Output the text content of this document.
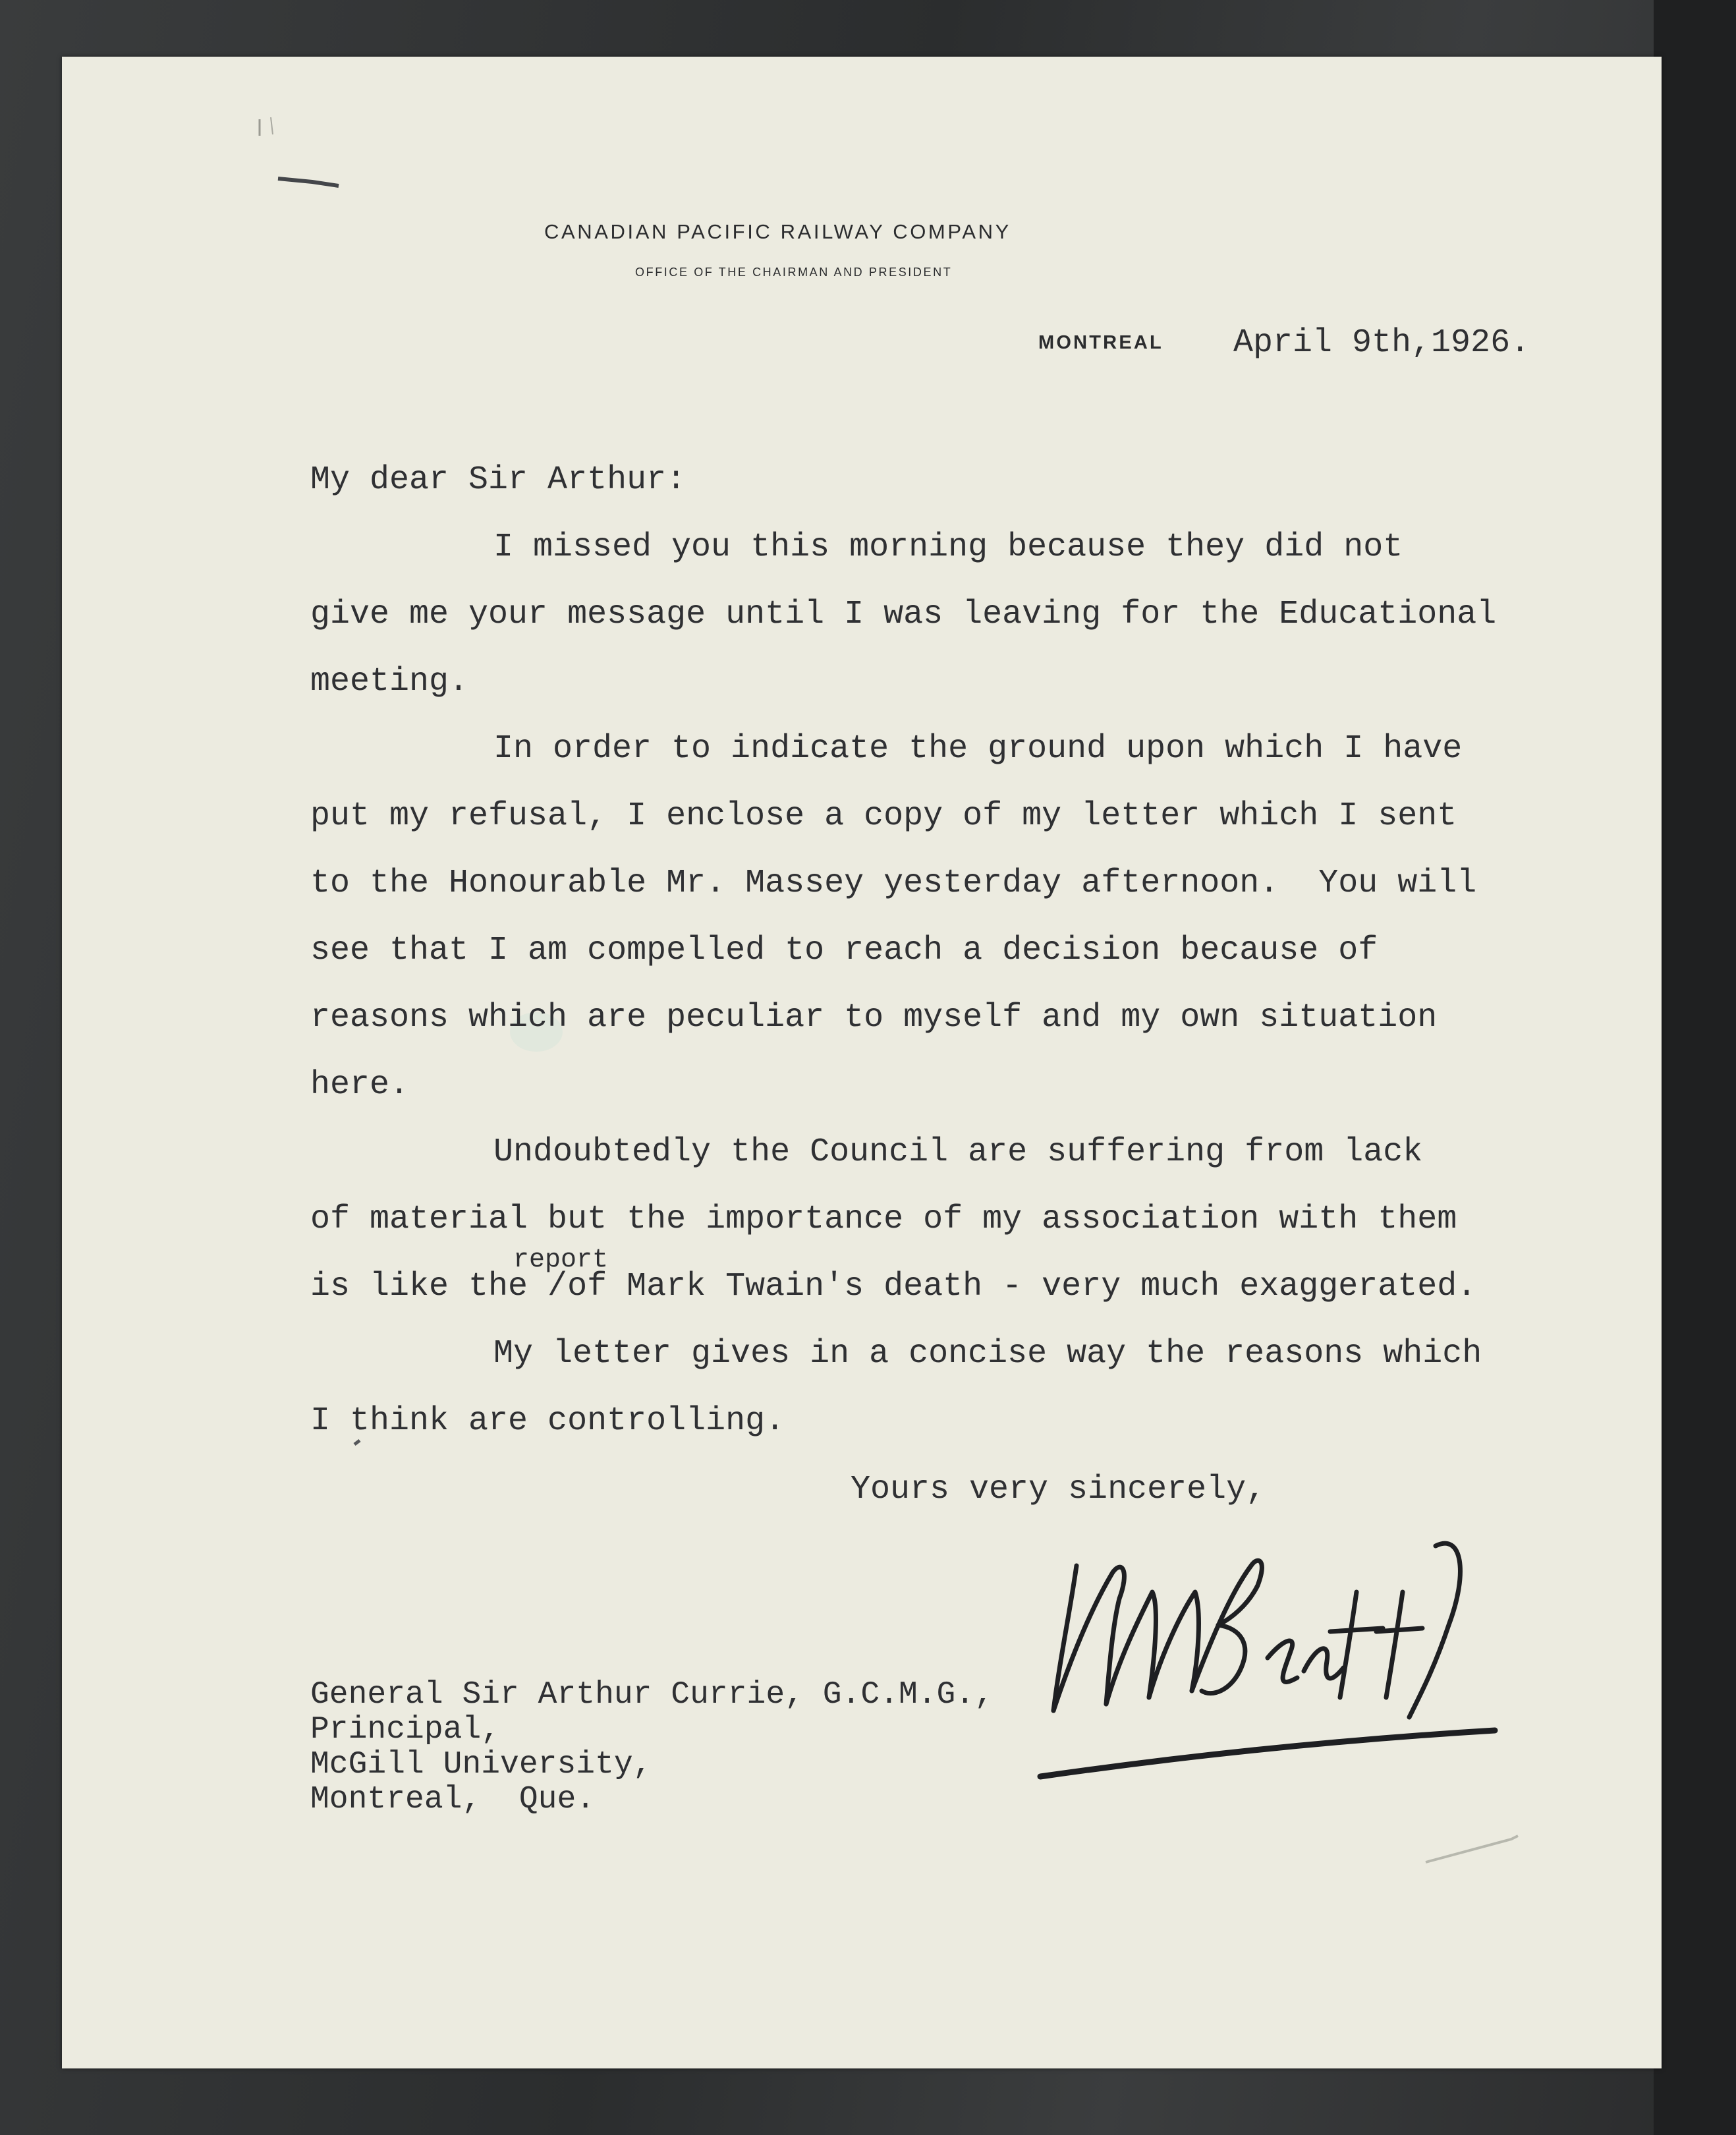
CANADIAN PACIFIC RAILWAY COMPANY
OFFICE OF THE CHAIRMAN AND PRESIDENT
MONTREAL April 9th,1926.
My dear Sir Arthur:
I missed you this morning because they did not
give me your message until I was leaving for the Educational
meeting.
In order to indicate the ground upon which I have
put my refusal, I enclose a copy of my letter which I sent
to the Honourable Mr. Massey yesterday afternoon.  You will
see that I am compelled to reach a decision because of
reasons which are peculiar to myself and my own situation
here.
Undoubtedly the Council are suffering from lack
of material but the importance of my association with them
report
is like the /of Mark Twain's death - very much exaggerated.
My letter gives in a concise way the reasons which
I think are controlling.
Yours very sincerely,
General Sir Arthur Currie, G.C.M.G.,
Principal,
McGill University,
Montreal,  Que.
